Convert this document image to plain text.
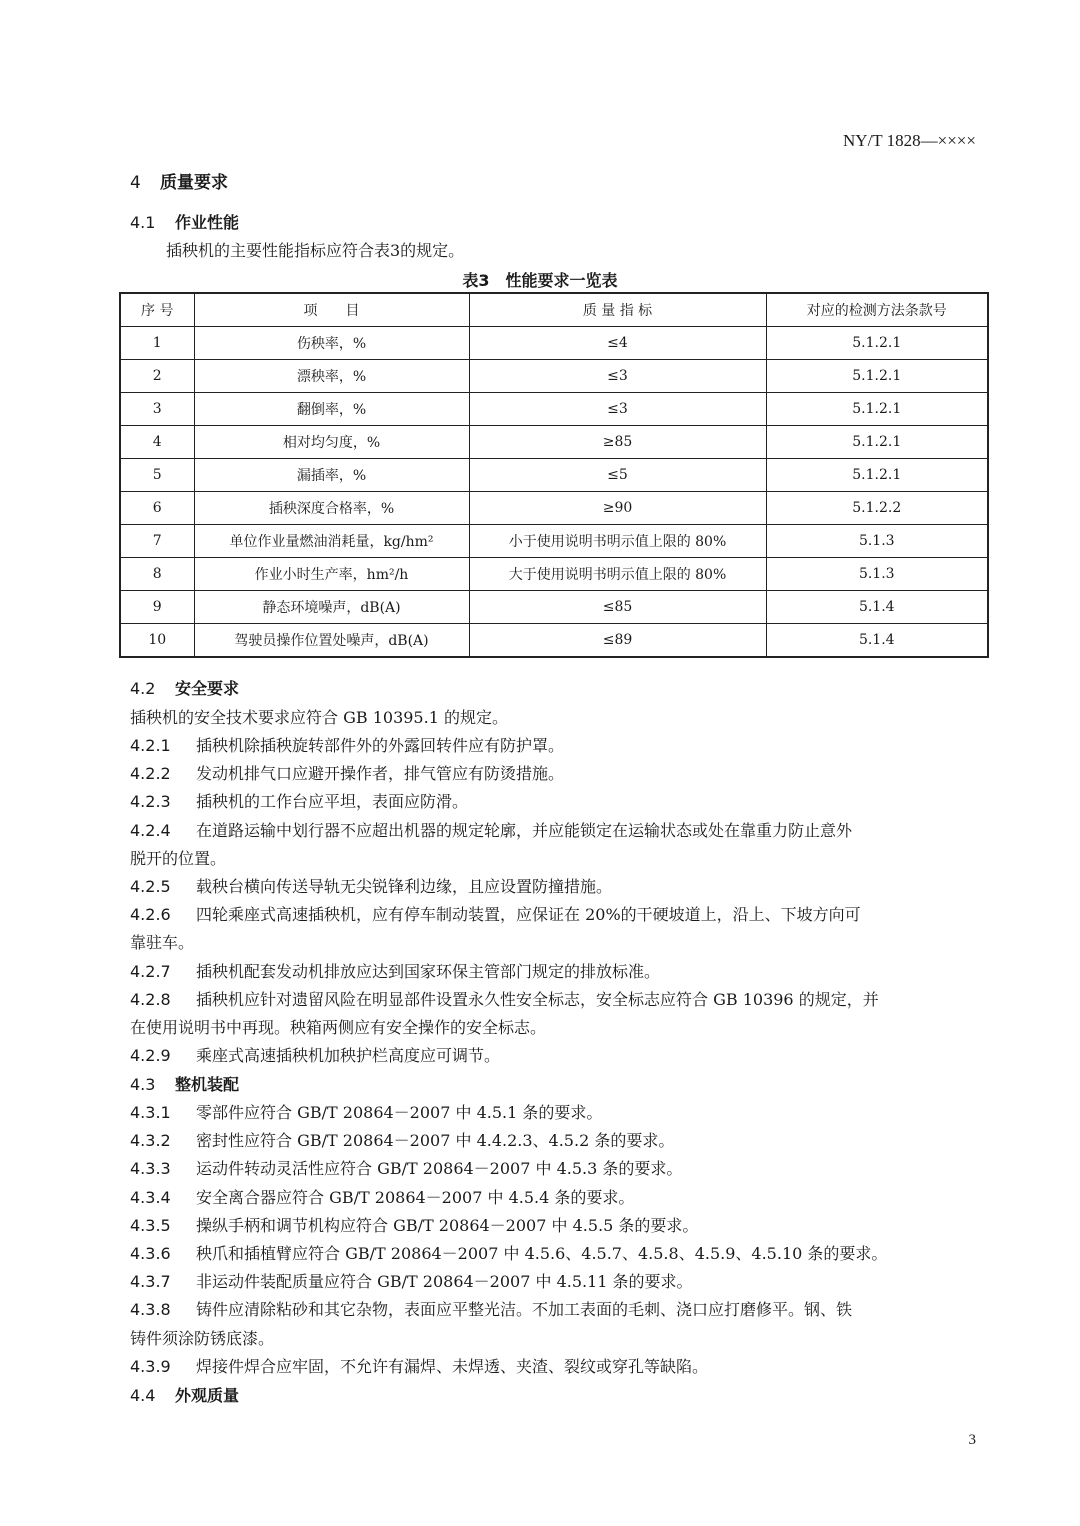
NY/T 1828—××××
4 质量要求
4.1 作业性能
插秧机的主要性能指标应符合表3的规定。
表3　性能要求一览表
序 号	项　　目	质 量 指 标	对应的检测方法条款号
1	伤秧率，%	≤4	5.1.2.1
2	漂秧率，%	≤3	5.1.2.1
3	翻倒率，%	≤3	5.1.2.1
4	相对均匀度，%	≥85	5.1.2.1
5	漏插率，%	≤5	5.1.2.1
6	插秧深度合格率，%	≥90	5.1.2.2
7	单位作业量燃油消耗量，kg/hm²	小于使用说明书明示值上限的 80%	5.1.3
8	作业小时生产率，hm²/h	大于使用说明书明示值上限的 80%	5.1.3
9	静态环境噪声，dB(A)	≤85	5.1.4
10	驾驶员操作位置处噪声，dB(A)	≤89	5.1.4
4.2 安全要求
插秧机的安全技术要求应符合 GB 10395.1 的规定。
4.2.1 插秧机除插秧旋转部件外的外露回转件应有防护罩。
4.2.2 发动机排气口应避开操作者，排气管应有防烫措施。
4.2.3 插秧机的工作台应平坦，表面应防滑。
4.2.4 在道路运输中划行器不应超出机器的规定轮廓，并应能锁定在运输状态或处在靠重力防止意外
脱开的位置。
4.2.5 载秧台横向传送导轨无尖锐锋利边缘，且应设置防撞措施。
4.2.6 四轮乘座式高速插秧机，应有停车制动装置，应保证在 20%的干硬坡道上，沿上、下坡方向可
靠驻车。
4.2.7 插秧机配套发动机排放应达到国家环保主管部门规定的排放标准。
4.2.8 插秧机应针对遗留风险在明显部件设置永久性安全标志，安全标志应符合 GB 10396 的规定，并
在使用说明书中再现。秧箱两侧应有安全操作的安全标志。
4.2.9 乘座式高速插秧机加秧护栏高度应可调节。
4.3 整机装配
4.3.1 零部件应符合 GB/T 20864－2007 中 4.5.1 条的要求。
4.3.2 密封性应符合 GB/T 20864－2007 中 4.4.2.3、4.5.2 条的要求。
4.3.3 运动件转动灵活性应符合 GB/T 20864－2007 中 4.5.3 条的要求。
4.3.4 安全离合器应符合 GB/T 20864－2007 中 4.5.4 条的要求。
4.3.5 操纵手柄和调节机构应符合 GB/T 20864－2007 中 4.5.5 条的要求。
4.3.6 秧爪和插植臂应符合 GB/T 20864－2007 中 4.5.6、4.5.7、4.5.8、4.5.9、4.5.10 条的要求。
4.3.7 非运动件装配质量应符合 GB/T 20864－2007 中 4.5.11 条的要求。
4.3.8 铸件应清除粘砂和其它杂物，表面应平整光洁。不加工表面的毛刺、浇口应打磨修平。钢、铁
铸件须涂防锈底漆。
4.3.9 焊接件焊合应牢固，不允许有漏焊、未焊透、夹渣、裂纹或穿孔等缺陷。
4.4 外观质量
3
